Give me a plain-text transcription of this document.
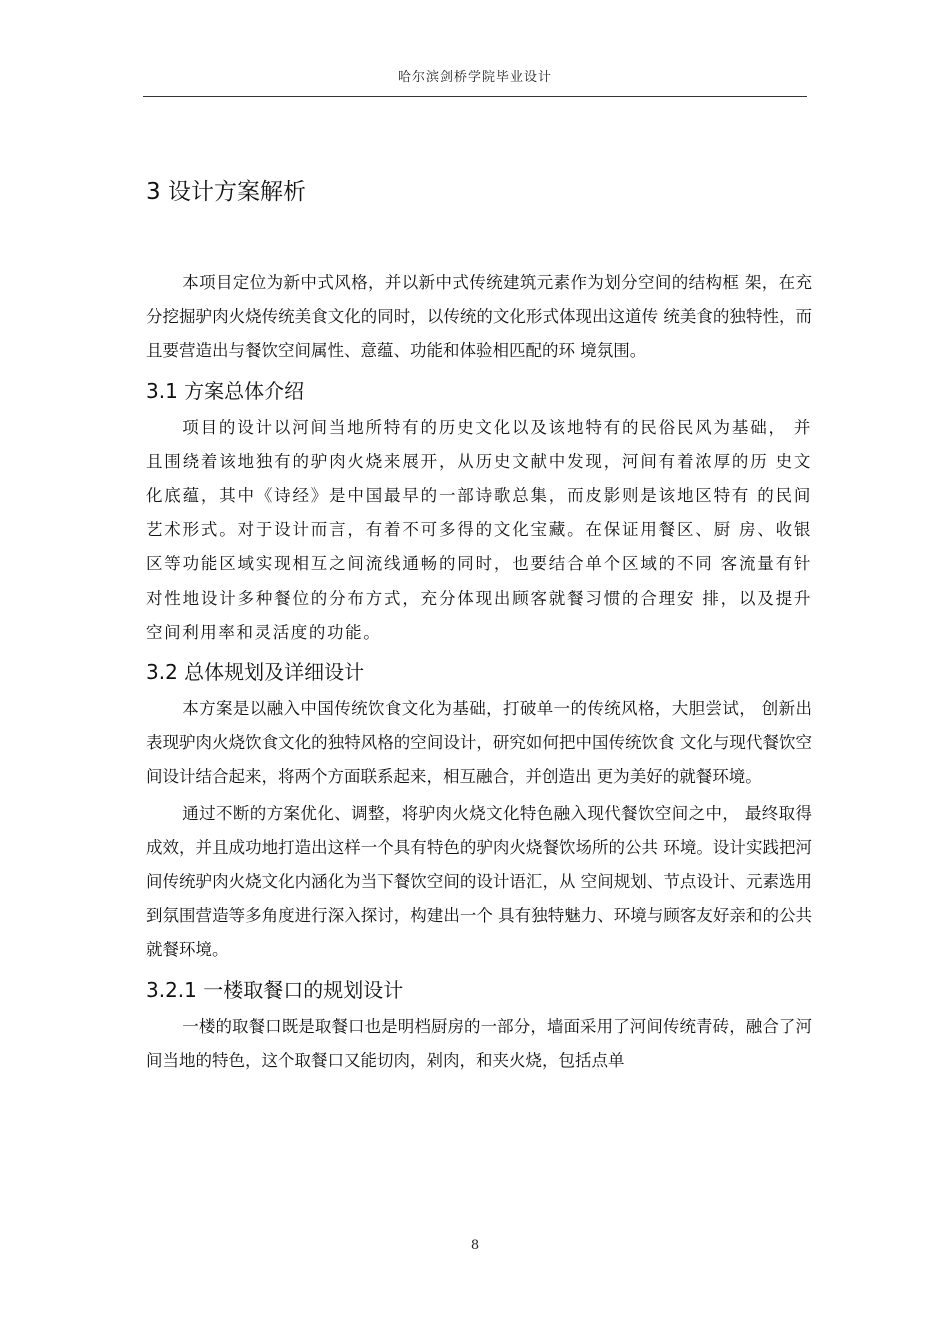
哈尔滨剑桥学院毕业设计
3 设计方案解析

本项目定位为新中式风格，并以新中式传统建筑元素作为划分空间的结构框 架，在充分挖掘驴肉火烧传统美食文化的同时，以传统的文化形式体现出这道传 统美食的独特性，而且要营造出与餐饮空间属性、意蕴、功能和体验相匹配的环 境氛围。

3.1 方案总体介绍

项目的设计以河间当地所特有的历史文化以及该地特有的民俗民风为基础， 并且围绕着该地独有的驴肉火烧来展开，从历史文献中发现，河间有着浓厚的历 史文化底蕴，其中《诗经》是中国最早的一部诗歌总集，而皮影则是该地区特有 的民间艺术形式。对于设计而言，有着不可多得的文化宝藏。在保证用餐区、厨 房、收银区等功能区域实现相互之间流线通畅的同时，也要结合单个区域的不同 客流量有针对性地设计多种餐位的分布方式，充分体现出顾客就餐习惯的合理安 排，以及提升空间利用率和灵活度的功能。

3.2 总体规划及详细设计

本方案是以融入中国传统饮食文化为基础，打破单一的传统风格，大胆尝试， 创新出表现驴肉火烧饮食文化的独特风格的空间设计，研究如何把中国传统饮食 文化与现代餐饮空间设计结合起来，将两个方面联系起来，相互融合，并创造出 更为美好的就餐环境。

通过不断的方案优化、调整，将驴肉火烧文化特色融入现代餐饮空间之中， 最终取得成效，并且成功地打造出这样一个具有特色的驴肉火烧餐饮场所的公共 环境。设计实践把河间传统驴肉火烧文化内涵化为当下餐饮空间的设计语汇，从 空间规划、节点设计、元素选用到氛围营造等多角度进行深入探讨，构建出一个 具有独特魅力、环境与顾客友好亲和的公共就餐环境。

3.2.1 一楼取餐口的规划设计

一楼的取餐口既是取餐口也是明档厨房的一部分，墙面采用了河间传统青砖，融合了河间当地的特色，这个取餐口又能切肉，剁肉，和夹火烧，包括点单

8
